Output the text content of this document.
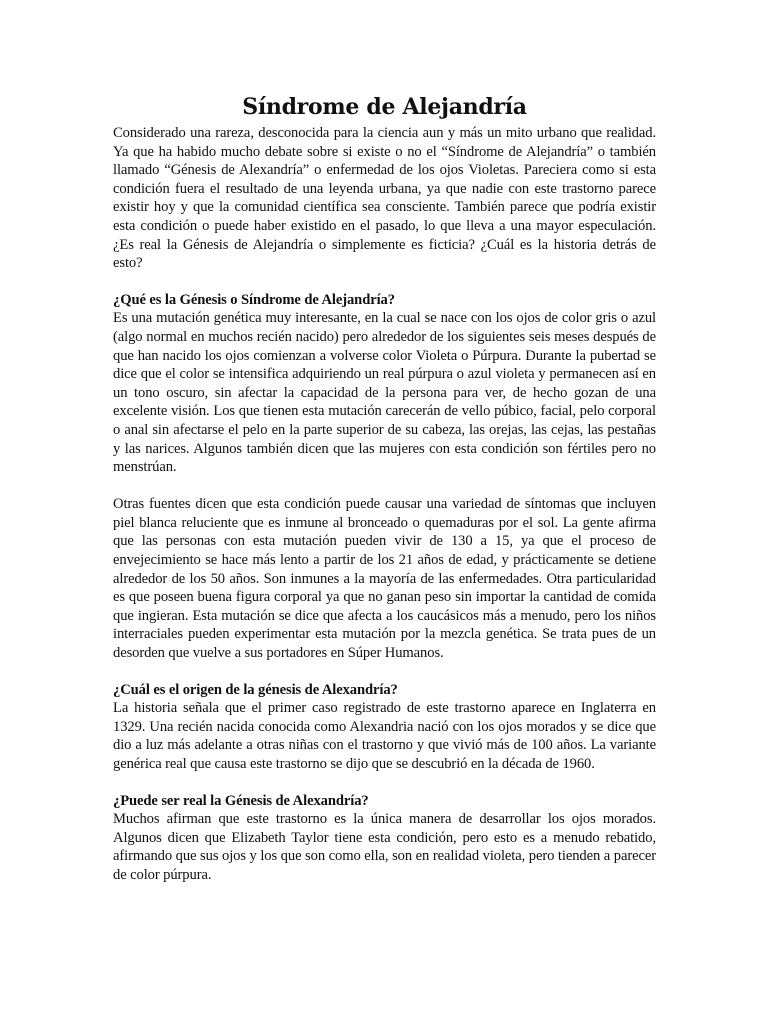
Síndrome de Alejandría

Considerado una rareza, desconocida para la ciencia aun y más un mito urbano que realidad. Ya que ha habido mucho debate sobre si existe o no el “Síndrome de Alejandría” o también llamado “Génesis de Alexandría” o enfermedad de los ojos Violetas. Pareciera como si esta condición fuera el resultado de una leyenda urbana, ya que nadie con este trastorno parece existir hoy y que la comunidad científica sea consciente. También parece que podría existir esta condición o puede haber existido en el pasado, lo que lleva a una mayor especulación. ¿Es real la Génesis de Alejandría o simplemente es ficticia? ¿Cuál es la historia detrás de esto?

¿Qué es la Génesis o Síndrome de Alejandría?

Es una mutación genética muy interesante, en la cual se nace con los ojos de color gris o azul (algo normal en muchos recién nacido) pero alrededor de los siguientes seis meses después de que han nacido los ojos comienzan a volverse color Violeta o Púrpura. Durante la pubertad se dice que el color se intensifica adquiriendo un real púrpura o azul violeta y permanecen así en un tono oscuro, sin afectar la capacidad de la persona para ver, de hecho gozan de una excelente visión. Los que tienen esta mutación carecerán de vello púbico, facial, pelo corporal o anal sin afectarse el pelo en la parte superior de su cabeza, las orejas, las cejas, las pestañas y las narices. Algunos también dicen que las mujeres con esta condición son fértiles pero no menstrúan.

Otras fuentes dicen que esta condición puede causar una variedad de síntomas que incluyen piel blanca reluciente que es inmune al bronceado o quemaduras por el sol. La gente afirma que las personas con esta mutación pueden vivir de 130 a 15, ya que el proceso de envejecimiento se hace más lento a partir de los 21 años de edad, y prácticamente se detiene alrededor de los 50 años. Son inmunes a la mayoría de las enfermedades. Otra particularidad es que poseen buena figura corporal ya que no ganan peso sin importar la cantidad de comida que ingieran. Esta mutación se dice que afecta a los caucásicos más a menudo, pero los niños interraciales pueden experimentar esta mutación por la mezcla genética. Se trata pues de un desorden que vuelve a sus portadores en Súper Humanos.

¿Cuál es el origen de la génesis de Alexandría?

La historia señala que el primer caso registrado de este trastorno aparece en Inglaterra en 1329. Una recién nacida conocida como Alexandria nació con los ojos morados y se dice que dio a luz más adelante a otras niñas con el trastorno y que vivió más de 100 años. La variante genérica real que causa este trastorno se dijo que se descubrió en la década de 1960.

¿Puede ser real la Génesis de Alexandría?

Muchos afirman que este trastorno es la única manera de desarrollar los ojos morados. Algunos dicen que Elizabeth Taylor tiene esta condición, pero esto es a menudo rebatido, afirmando que sus ojos y los que son como ella, son en realidad violeta, pero tienden a parecer de color púrpura.
